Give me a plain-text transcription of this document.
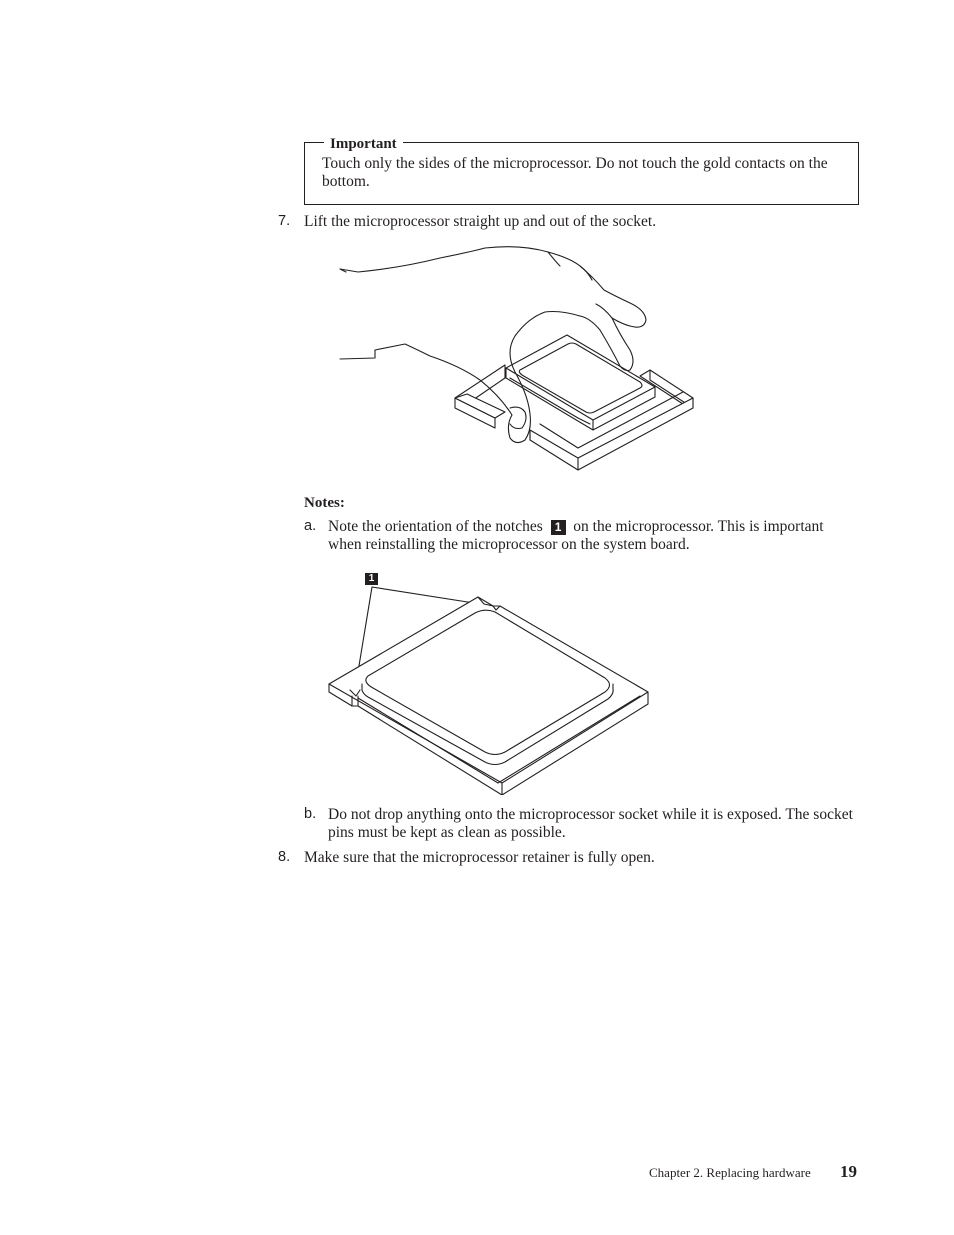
Important
Touch only the sides of the microprocessor. Do not touch the gold contacts on the bottom.
7. Lift the microprocessor straight up and out of the socket.
Notes:
a. Note the orientation of the notches 1 on the microprocessor. This is important when reinstalling the microprocessor on the system board.
1
b. Do not drop anything onto the microprocessor socket while it is exposed. The socket pins must be kept as clean as possible.
8. Make sure that the microprocessor retainer is fully open.
Chapter 2. Replacing hardware 19
